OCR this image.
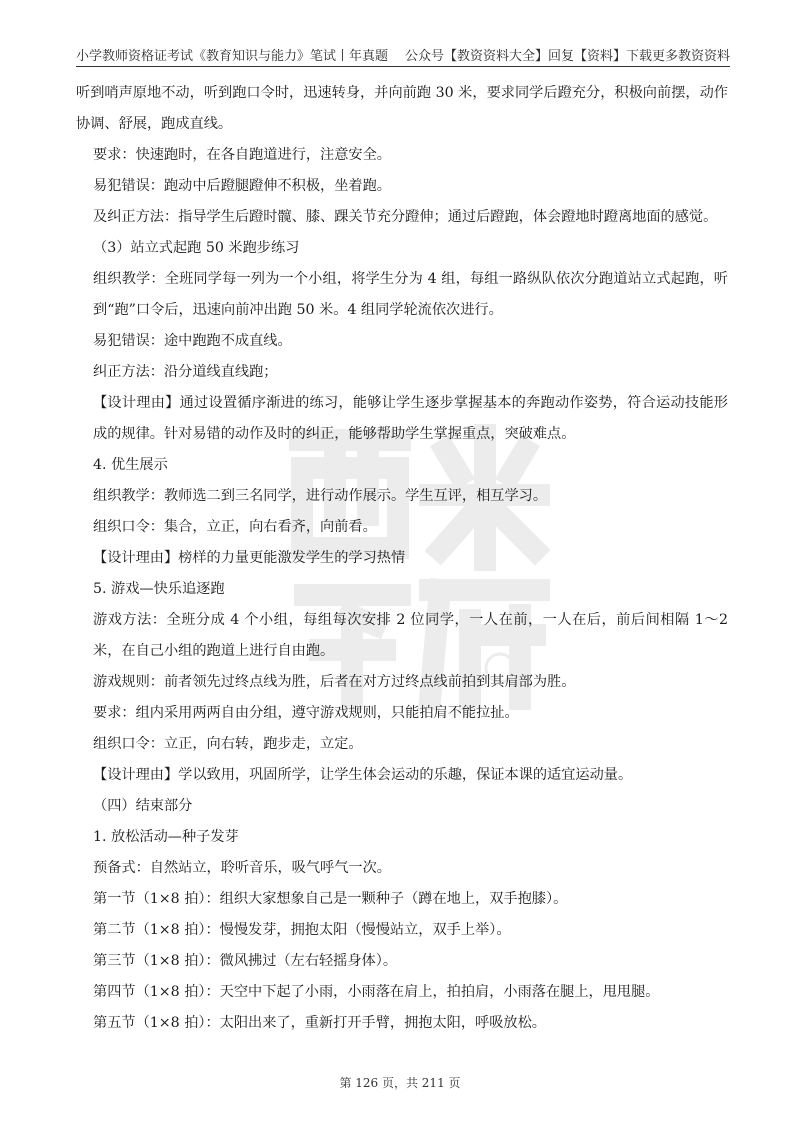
小学教师资格证考试《教育知识与能力》笔试丨年真题 公众号【教资资料大全】回复【资料】下载更多教资资料

听到哨声原地不动，听到跑口令时，迅速转身，并向前跑 30 米，要求同学后蹬充分，积极向前摆，动作协调、舒展，跑成直线。

要求：快速跑时，在各自跑道进行，注意安全。

易犯错误：跑动中后蹬腿蹬伸不积极，坐着跑。

及纠正方法：指导学生后蹬时髋、膝、踝关节充分蹬伸；通过后蹬跑，体会蹬地时蹬离地面的感觉。

（3）站立式起跑 50 米跑步练习

组织教学：全班同学每一列为一个小组，将学生分为 4 组，每组一路纵队依次分跑道站立式起跑，听到“跑”口令后，迅速向前冲出跑 50 米。4 组同学轮流依次进行。

易犯错误：途中跑跑不成直线。

纠正方法：沿分道线直线跑；

【设计理由】通过设置循序渐进的练习，能够让学生逐步掌握基本的奔跑动作姿势，符合运动技能形成的规律。针对易错的动作及时的纠正，能够帮助学生掌握重点，突破难点。

4. 优生展示

组织教学：教师选二到三名同学，进行动作展示。学生互评，相互学习。

组织口令：集合，立正，向右看齐，向前看。

【设计理由】榜样的力量更能激发学生的学习热情

5. 游戏—快乐追逐跑

游戏方法：全班分成 4 个小组，每组每次安排 2 位同学，一人在前，一人在后，前后间相隔 1～2 米，在自己小组的跑道上进行自由跑。

游戏规则：前者领先过终点线为胜，后者在对方过终点线前拍到其肩部为胜。

要求：组内采用两两自由分组，遵守游戏规则，只能拍肩不能拉扯。

组织口令：立正，向右转，跑步走，立定。

【设计理由】学以致用，巩固所学，让学生体会运动的乐趣，保证本课的适宜运动量。

（四）结束部分

1. 放松活动—种子发芽

预备式：自然站立，聆听音乐，吸气呼气一次。

第一节（1×8 拍）：组织大家想象自己是一颗种子（蹲在地上，双手抱膝）。

第二节（1×8 拍）：慢慢发芽，拥抱太阳（慢慢站立，双手上举）。

第三节（1×8 拍）：微风拂过（左右轻摇身体）。

第四节（1×8 拍）：天空中下起了小雨，小雨落在肩上，拍拍肩，小雨落在腿上，甩甩腿。

第五节（1×8 拍）：太阳出来了，重新打开手臂，拥抱太阳，呼吸放松。

第 126 页，共 211 页
